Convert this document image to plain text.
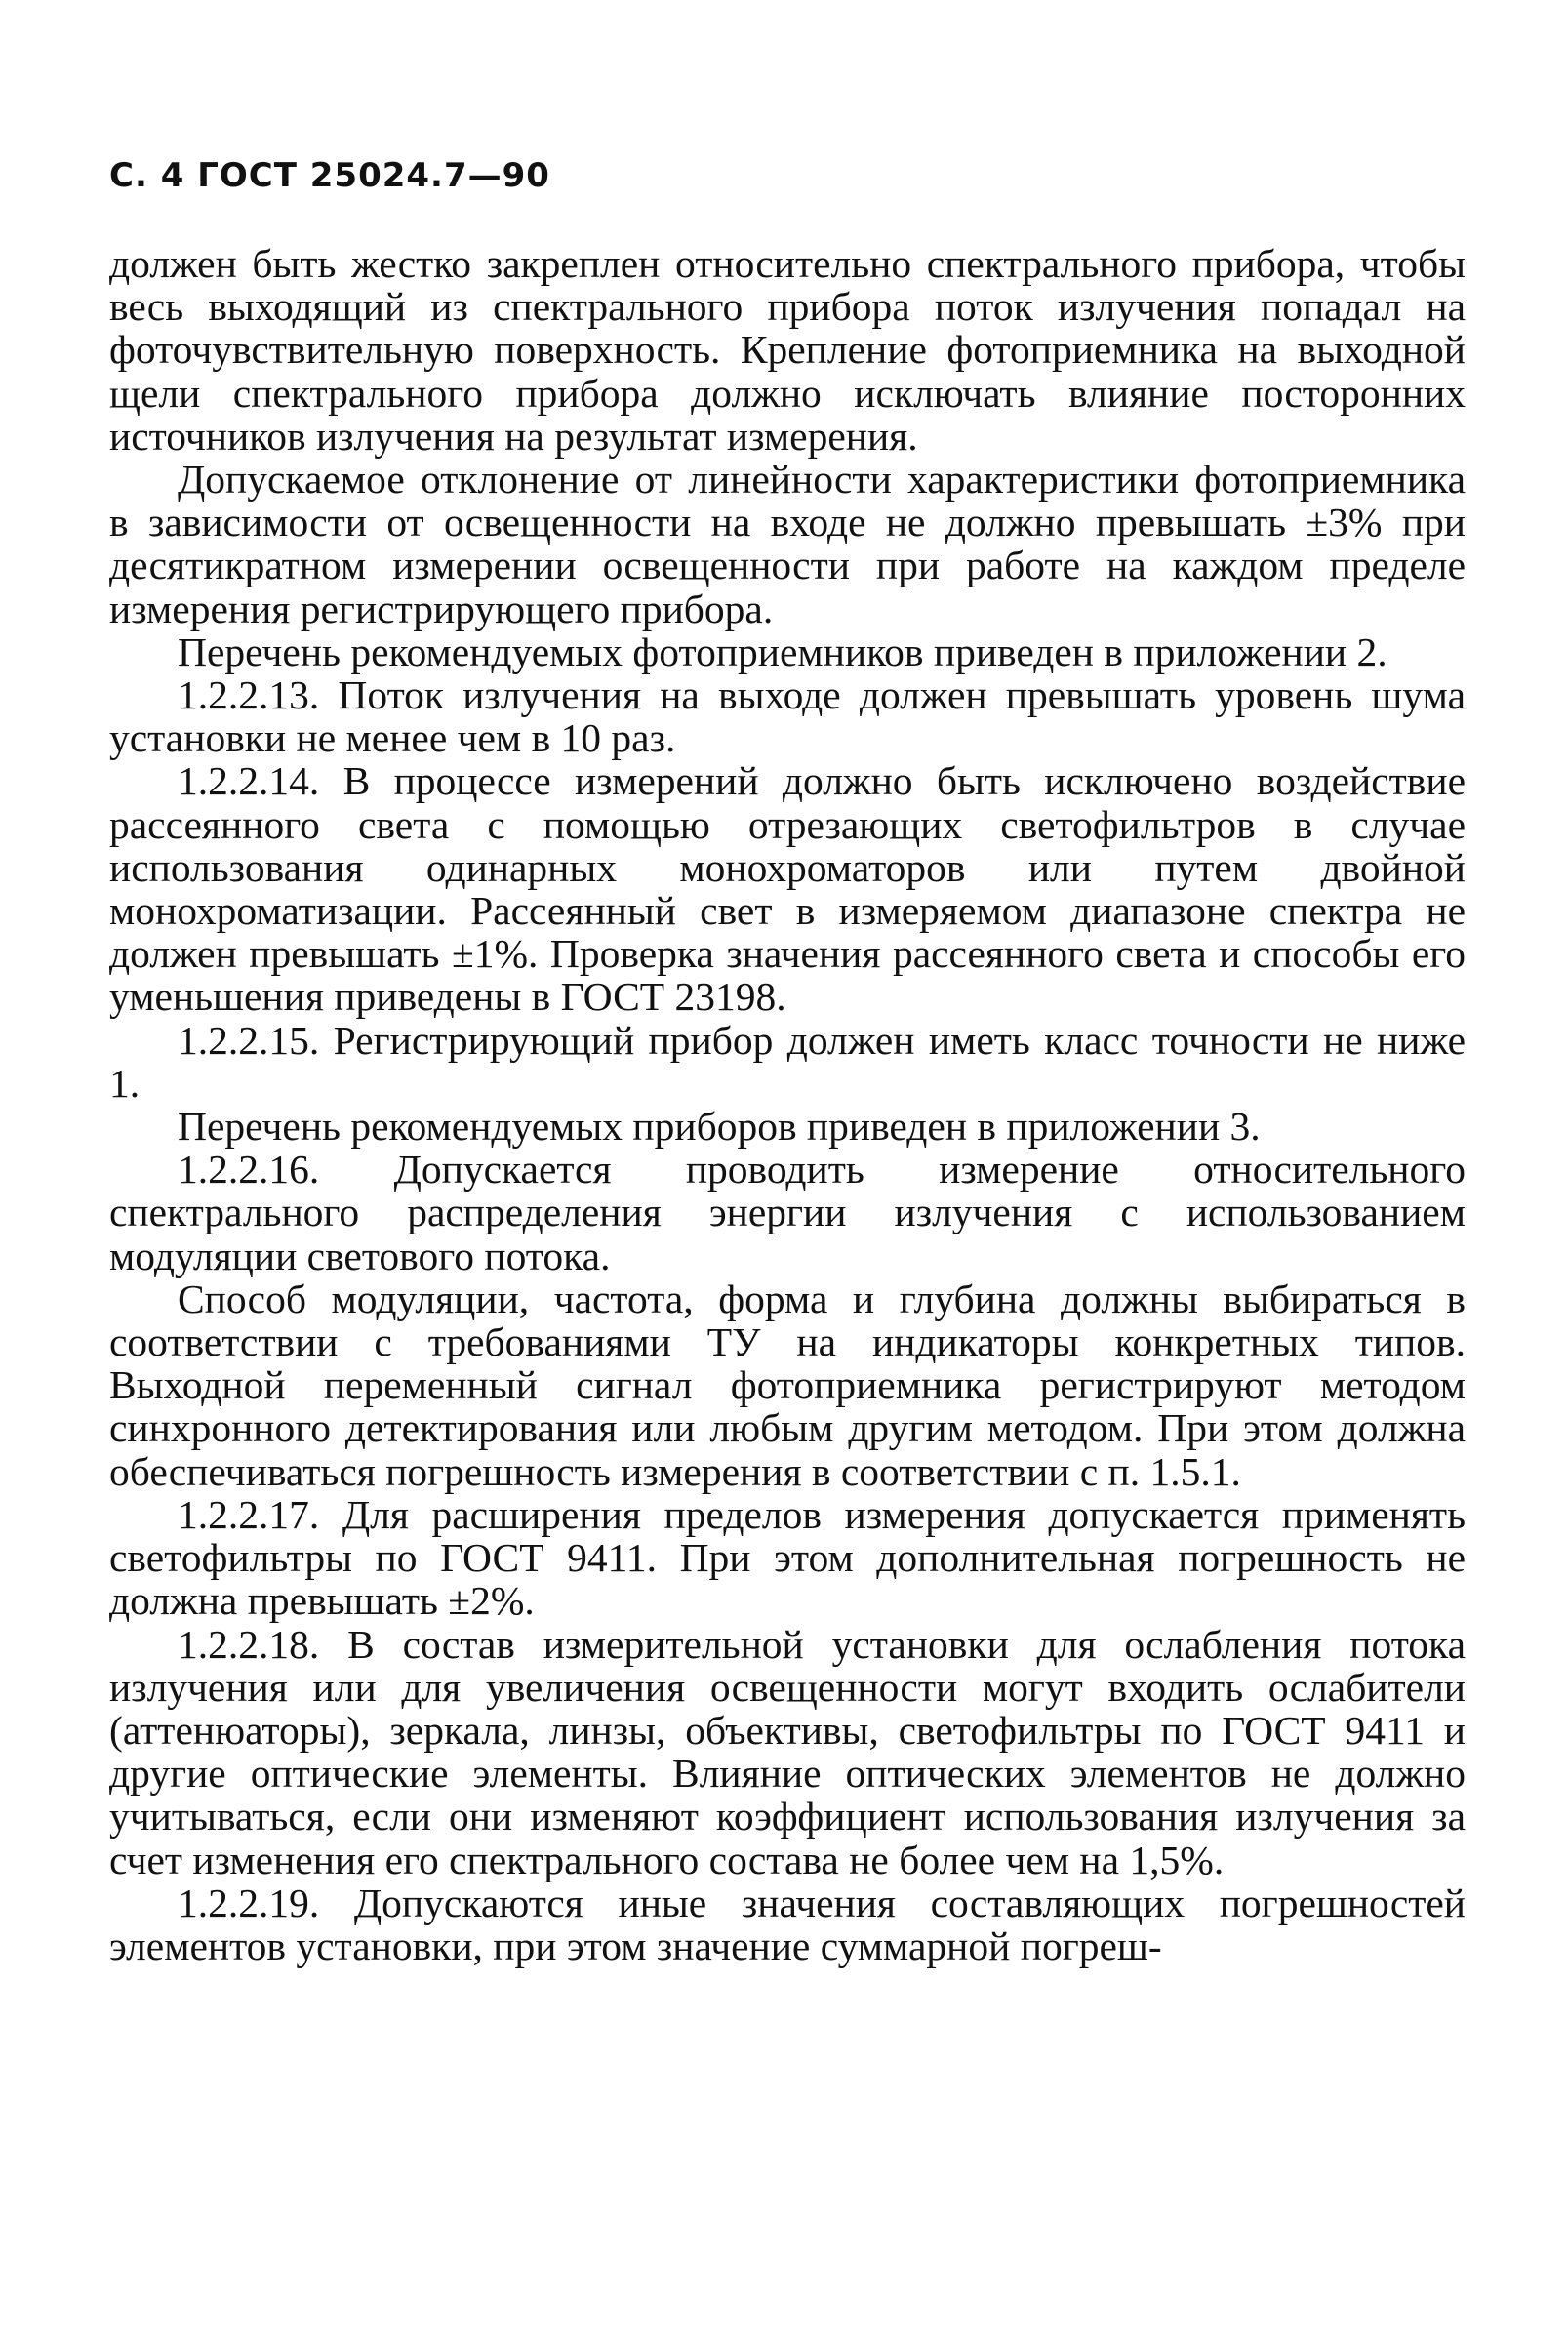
С. 4 ГОСТ 25024.7—90

должен быть жестко закреплен относительно спектрального прибора, чтобы весь выходящий из спектрального прибора поток излучения попадал на фоточувствительную поверхность. Крепление фотоприемника на выходной щели спектрального прибора должно исключать влияние посторонних источников излучения на результат измерения.

Допускаемое отклонение от линейности характеристики фотоприемника в зависимости от освещенности на входе не должно превышать ±3% при десятикратном измерении освещенности при работе на каждом пределе измерения регистрирующего прибора.

Перечень рекомендуемых фотоприемников приведен в приложении 2.

1.2.2.13. Поток излучения на выходе должен превышать уровень шума установки не менее чем в 10 раз.

1.2.2.14. В процессе измерений должно быть исключено воздействие рассеянного света с помощью отрезающих светофильтров в случае использования одинарных монохроматоров или путем двойной монохроматизации. Рассеянный свет в измеряемом диапазоне спектра не должен превышать ±1%. Проверка значения рассеянного света и способы его уменьшения приведены в ГОСТ 23198.

1.2.2.15. Регистрирующий прибор должен иметь класс точности не ниже 1.

Перечень рекомендуемых приборов приведен в приложении 3.

1.2.2.16. Допускается проводить измерение относительного спектрального распределения энергии излучения с использованием модуляции светового потока.

Способ модуляции, частота, форма и глубина должны выбираться в соответствии с требованиями ТУ на индикаторы конкретных типов. Выходной переменный сигнал фотоприемника регистрируют методом синхронного детектирования или любым другим методом. При этом должна обеспечиваться погрешность измерения в соответствии с п. 1.5.1.

1.2.2.17. Для расширения пределов измерения допускается применять светофильтры по ГОСТ 9411. При этом дополнительная погрешность не должна превышать ±2%.

1.2.2.18. В состав измерительной установки для ослабления потока излучения или для увеличения освещенности могут входить ослабители (аттенюаторы), зеркала, линзы, объективы, светофильтры по ГОСТ 9411 и другие оптические элементы. Влияние оптических элементов не должно учитываться, если они изменяют коэффициент использования излучения за счет изменения его спектрального состава не более чем на 1,5%.

1.2.2.19. Допускаются иные значения составляющих погрешностей элементов установки, при этом значение суммарной погреш-
